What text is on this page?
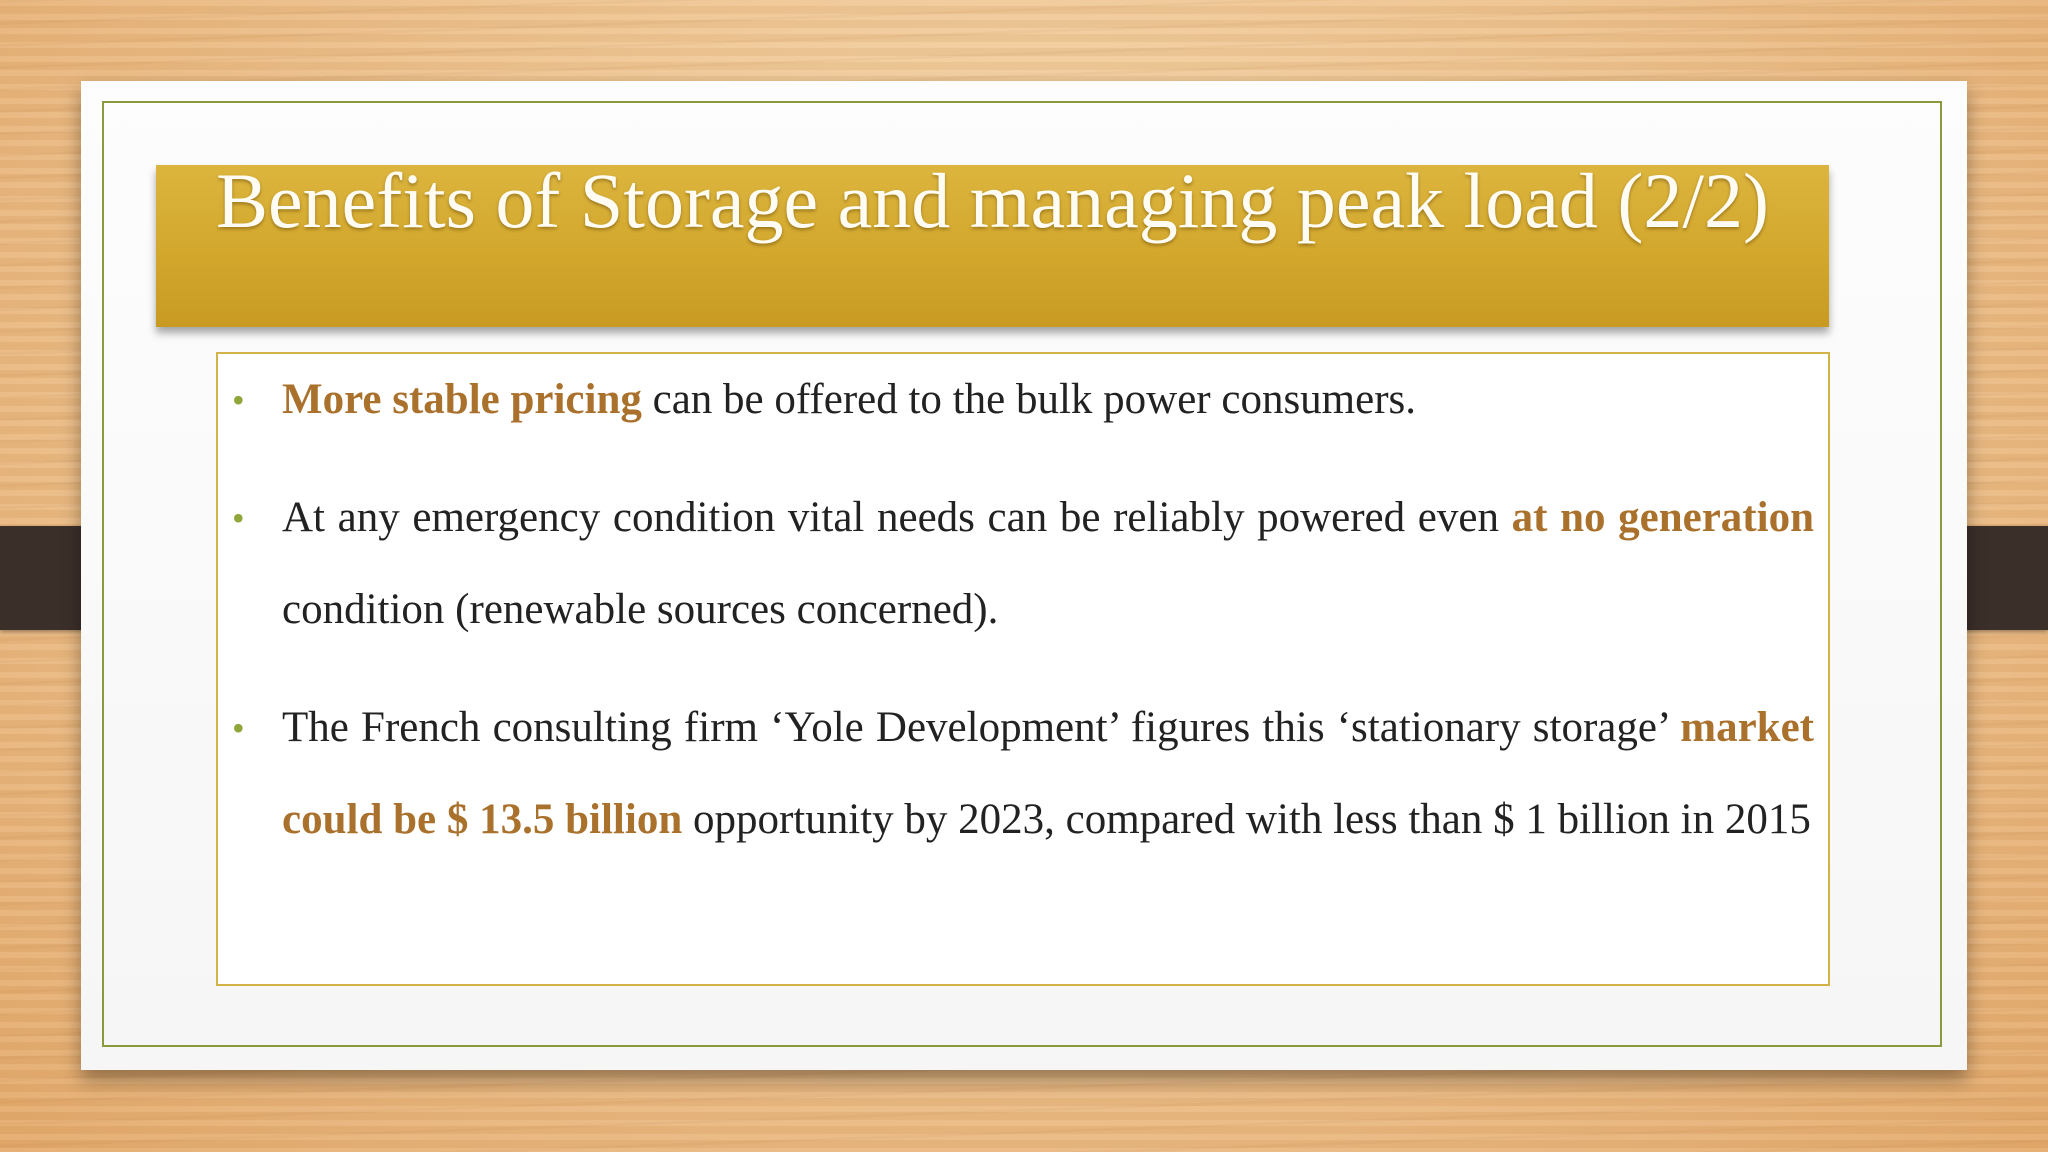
Benefits of Storage and managing peak load (2/2)
• More stable pricing can be offered to the bulk power consumers.

• At any emergency condition vital needs can be reliably powered even at no generation condition (renewable sources concerned).

• The French consulting firm ‘Yole Development’ figures this ‘stationary storage’ market could be $ 13.5 billion opportunity by 2023, compared with less than $ 1 billion in 2015
